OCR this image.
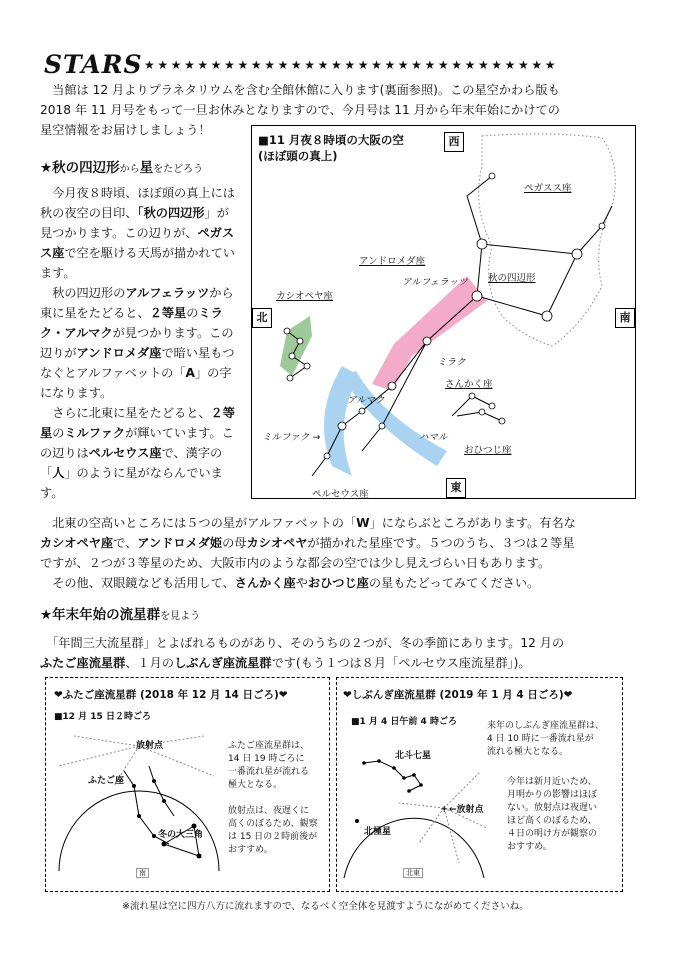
STARS ★★★★★★★★★★★★★★★★★★★★★★★★★★★★★★★
　当館は 12 月よりプラネタリウムを含む全館休館に入ります(裏面参照)。この星空かわら版も
2018 年 11 月号をもって一旦お休みとなりますので、今月号は 11 月から年末年始にかけての
星空情報をお届けしましょう！
★秋の四辺形から星をたどろう
今月夜８時頃、ほぼ頭の真上には秋の夜空の目印、「秋の四辺形」が見つかります。この辺りが、ペガスス座で空を駆ける天馬が描かれています。
秋の四辺形のアルフェラッツから東に星をたどると、２等星のミラク・アルマクが見つかります。この辺りがアンドロメダ座で暗い星もつなぐとアルファベットの「A」の字になります。
さらに北東に星をたどると、２等星のミルファクが輝いています。この辺りはペルセウス座で、漢字の「人」のように星がならんでいます。
■11 月夜８時頃の大阪の空
(ほぼ頭の真上)
西
北	南
東
ペガスス座
アンドロメダ座
カシオペヤ座
アルフェラッツ 秋の四辺形
ミラク
さんかく座
アルマク
ミルファク →	ハマル
おひつじ座
ペルセウス座
　北東の空高いところには５つの星がアルファベットの「W」にならぶところがあります。有名な
カシオペヤ座で、アンドロメダ姫の母カシオペヤが描かれた星座です。５つのうち、３つは２等星
ですが、２つが３等星のため、大阪市内のような都会の空では少し見えづらい日もあります。
　その他、双眼鏡なども活用して、さんかく座やおひつじ座の星もたどってみてください。
★年末年始の流星群を見よう
　「年間三大流星群」とよばれるものがあり、そのうちの２つが、冬の季節にあります。12 月の
ふたご座流星群、１月のしぶんぎ座流星群です(もう１つは８月「ペルセウス座流星群」)。
❤ふたご座流星群 (2018 年 12 月 14 日ごろ)❤
■12 月 15 日２時ごろ
放射点
ふたご座
冬の大三角
南
ふたご座流星群は、
14 日 19 時ごろに
一番流れ星が流れる
極大となる。

放射点は、夜遅くに
高くのぼるため、観察
は 15 日の２時前後が
おすすめ。
❤しぶんぎ座流星群 (2019 年 1 月 4 日ごろ)❤
■1 月 4 日午前 4 時ごろ
+
北斗七星
←放射点
北極星
北東
来年のしぶんぎ座流星群は、
4 日 10 時に一番流れ星が
流れる極大となる。
今年は新月近いため、
月明かりの影響はほぼ
ない。放射点は夜遅い
ほど高くのぼるため、
４日の明け方が観察の
おすすめ。
※流れ星は空に四方八方に流れますので、なるべく空全体を見渡すようにながめてくださいね。
